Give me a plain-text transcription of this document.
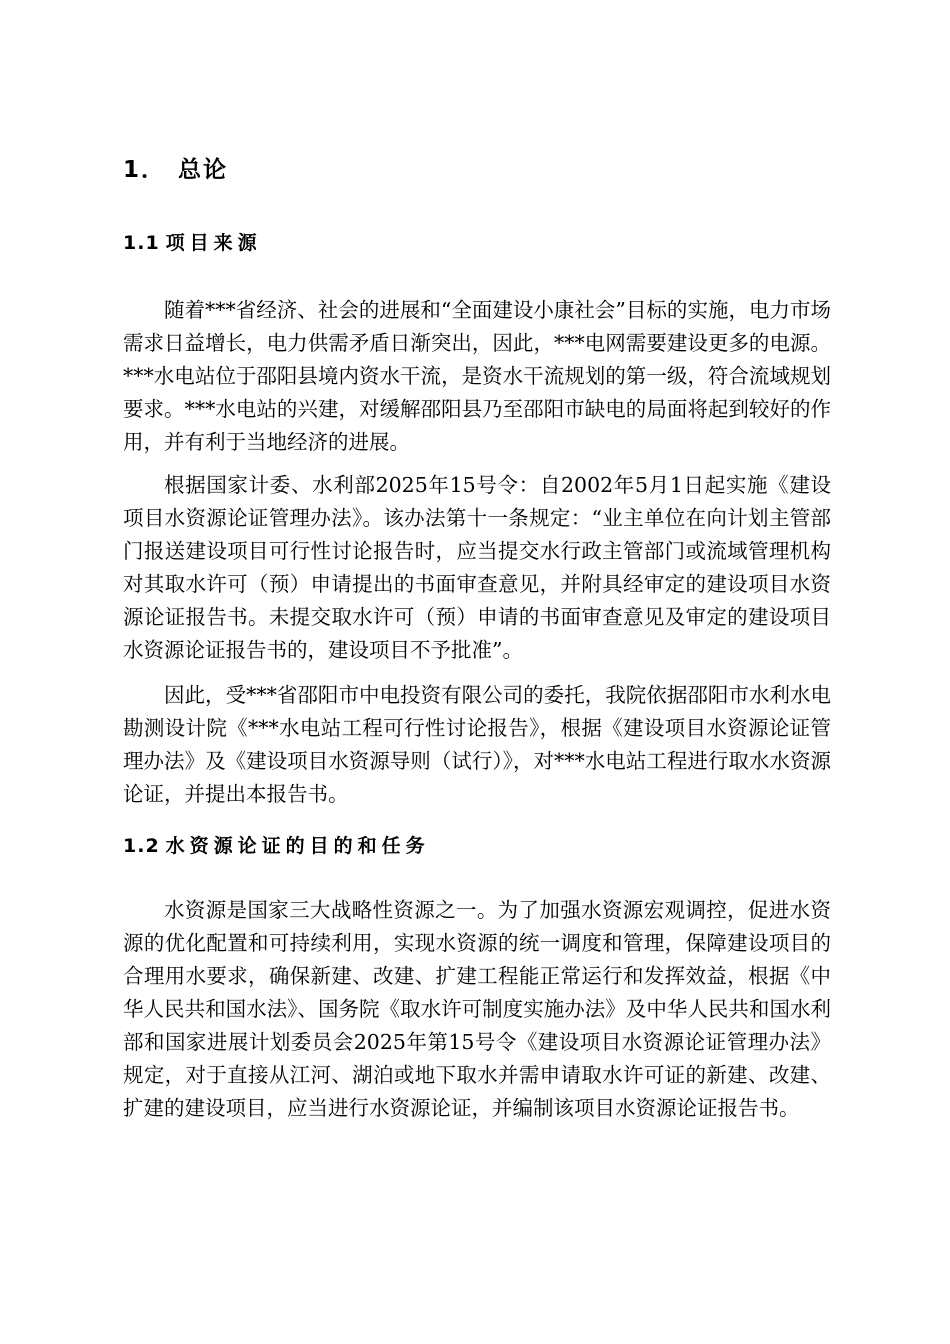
1． 总论
1.1 项目来源

随着***省经济、社会的进展和“全面建设小康社会”目标的实施，电力市场需求日益增长，电力供需矛盾日渐突出，因此，***电网需要建设更多的电源。***水电站位于邵阳县境内资水干流，是资水干流规划的第一级，符合流域规划要求。***水电站的兴建，对缓解邵阳县乃至邵阳市缺电的局面将起到较好的作用，并有利于当地经济的进展。

根据国家计委、水利部2025年15号令：自2002年5月1日起实施《建设项目水资源论证管理办法》。该办法第十一条规定：“业主单位在向计划主管部门报送建设项目可行性讨论报告时，应当提交水行政主管部门或流域管理机构对其取水许可（预）申请提出的书面审查意见，并附具经审定的建设项目水资源论证报告书。未提交取水许可（预）申请的书面审查意见及审定的建设项目水资源论证报告书的，建设项目不予批准”。

因此，受***省邵阳市中电投资有限公司的委托，我院依据邵阳市水利水电勘测设计院《***水电站工程可行性讨论报告》，根据《建设项目水资源论证管理办法》及《建设项目水资源导则（试行）》，对***水电站工程进行取水水资源论证，并提出本报告书。

1.2 水资源论证的目的和任务

水资源是国家三大战略性资源之一。为了加强水资源宏观调控，促进水资源的优化配置和可持续利用，实现水资源的统一调度和管理，保障建设项目的合理用水要求，确保新建、改建、扩建工程能正常运行和发挥效益，根据《中华人民共和国水法》、国务院《取水许可制度实施办法》及中华人民共和国水利部和国家进展计划委员会2025年第15号令《建设项目水资源论证管理办法》规定，对于直接从江河、湖泊或地下取水并需申请取水许可证的新建、改建、扩建的建设项目，应当进行水资源论证，并编制该项目水资源论证报告书。
